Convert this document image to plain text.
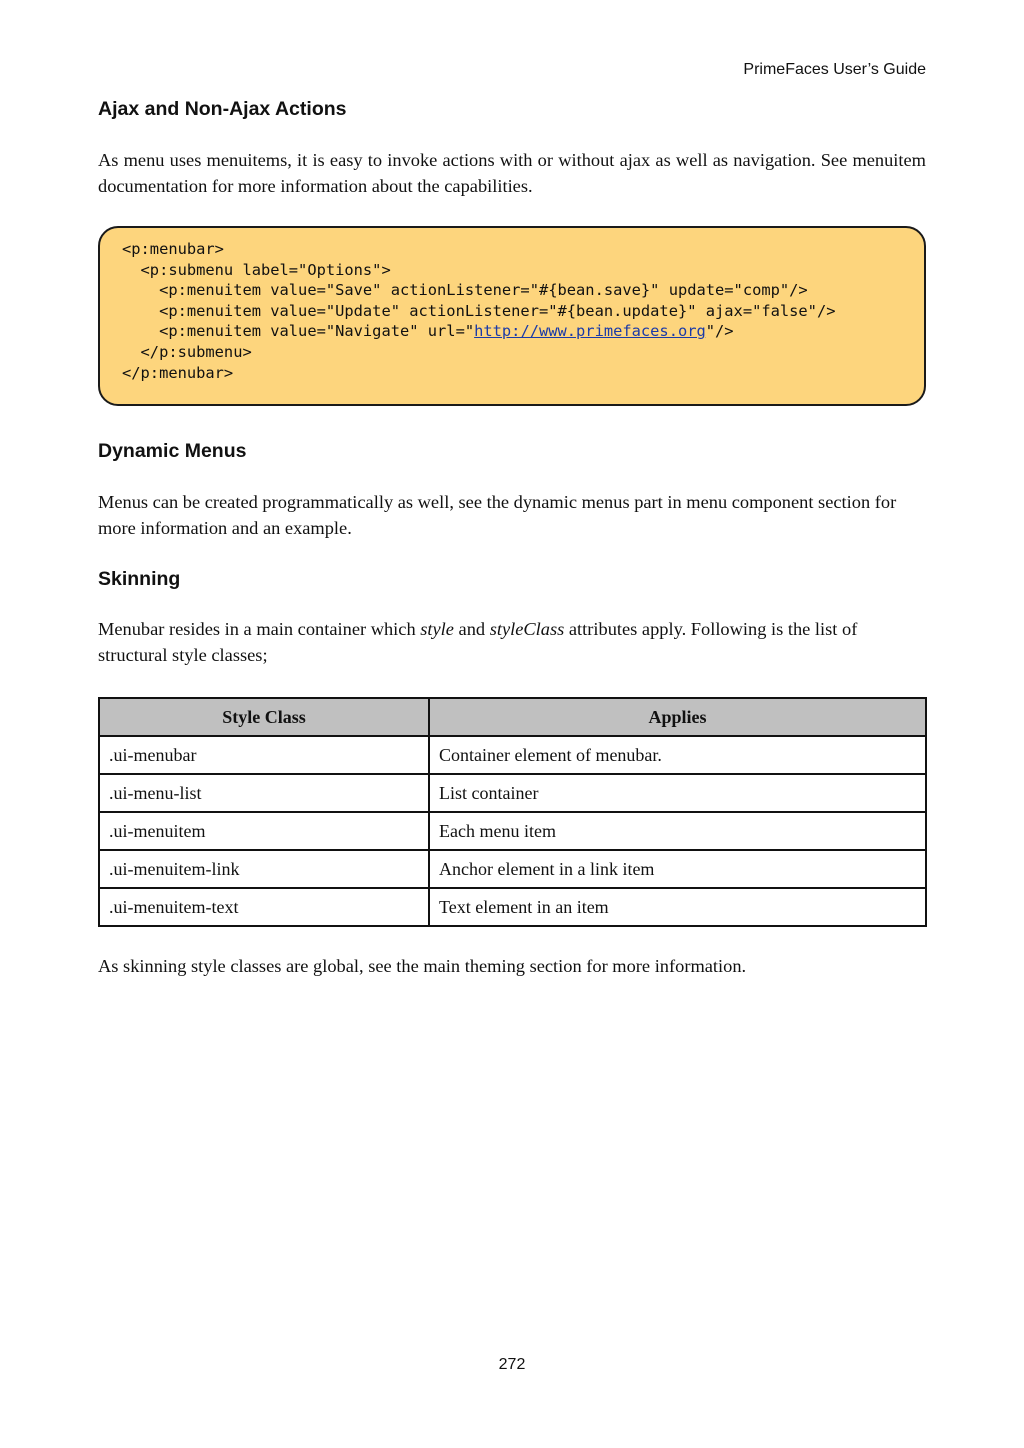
PrimeFaces User’s Guide
Ajax and Non-Ajax Actions

As menu uses menuitems, it is easy to invoke actions with or without ajax as well as navigation. See menuitem documentation for more information about the capabilities.

<p:menubar>
<p:submenu label="Options">
<p:menuitem value="Save" actionListener="#{bean.save}" update="comp"/>
<p:menuitem value="Update" actionListener="#{bean.update}" ajax="false"/>
<p:menuitem value="Navigate" url="http://www.primefaces.org"/>
</p:submenu>
</p:menubar>
Dynamic Menus

Menus can be created programmatically as well, see the dynamic menus part in menu component section for more information and an example.

Skinning

Menubar resides in a main container which style and styleClass attributes apply. Following is the list of structural style classes;

Style Class	Applies
.ui-menubar	Container element of menubar.
.ui-menu-list	List container
.ui-menuitem	Each menu item
.ui-menuitem-link	Anchor element in a link item
.ui-menuitem-text	Text element in an item

As skinning style classes are global, see the main theming section for more information.

272
